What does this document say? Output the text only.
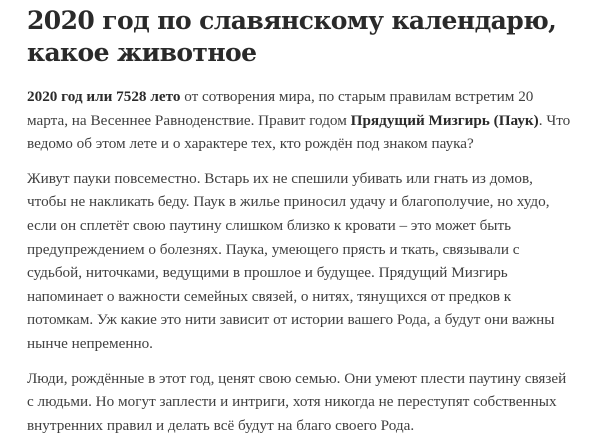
2020 год по славянскому календарю, какое животное

2020 год или 7528 лето от сотворения мира, по старым правилам встретим 20 марта, на Весеннее Равноденствие. Правит годом Прядущий Мизгирь (Паук). Что ведомо об этом лете и о характере тех, кто рождён под знаком паука?

Живут пауки повсеместно. Встарь их не спешили убивать или гнать из домов, чтобы не накликать беду. Паук в жилье приносил удачу и благополучие, но худо, если он сплетёт свою паутину слишком близко к кровати – это может быть предупреждением о болезнях. Паука, умеющего прясть и ткать, связывали с судьбой, ниточками, ведущими в прошлое и будущее. Прядущий Мизгирь напоминает о важности семейных связей, о нитях, тянущихся от предков к потомкам. Уж какие это нити зависит от истории вашего Рода, а будут они важны нынче непременно.

Люди, рождённые в этот год, ценят свою семью. Они умеют плести паутину связей с людьми. Но могут заплести и интриги, хотя никогда не переступят собственных внутренних правил и делать всё будут на благо своего Рода.
